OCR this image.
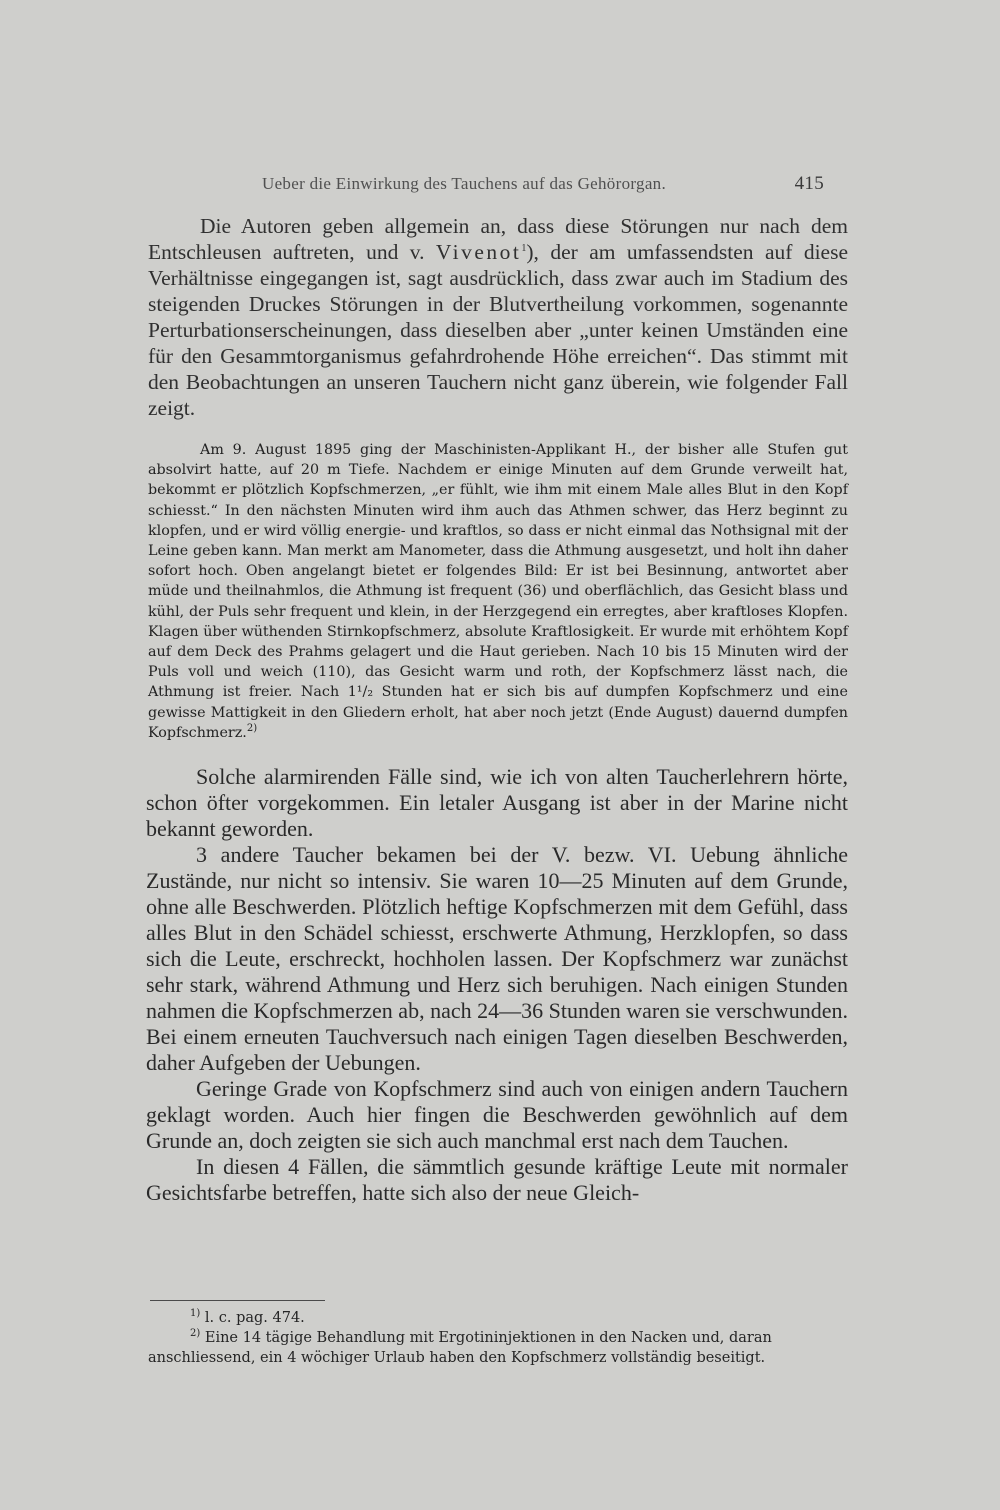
Ueber die Einwirkung des Tauchens auf das Gehörorgan.	415

Die Autoren geben allgemein an, dass diese Störungen nur nach dem Entschleusen auftreten, und v. Vivenot$^1$), der am umfassendsten auf diese Verhältnisse eingegangen ist, sagt ausdrücklich, dass zwar auch im Stadium des steigenden Druckes Störungen in der Blutvertheilung vorkommen, sogenannte Perturbationserscheinungen, dass dieselben aber „unter keinen Umständen eine für den Gesammtorganismus gefahrdrohende Höhe erreichen“. Das stimmt mit den Beobachtungen an unseren Tauchern nicht ganz überein, wie folgender Fall zeigt.

Am 9. August 1895 ging der Maschinisten-Applikant H., der bisher alle Stufen gut absolvirt hatte, auf 20 m Tiefe. Nachdem er einige Minuten auf dem Grunde verweilt hat, bekommt er plötzlich Kopfschmerzen, „er fühlt, wie ihm mit einem Male alles Blut in den Kopf schiesst.“ In den nächsten Minuten wird ihm auch das Athmen schwer, das Herz beginnt zu klopfen, und er wird völlig energie- und kraftlos, so dass er nicht einmal das Nothsignal mit der Leine geben kann. Man merkt am Manometer, dass die Athmung ausgesetzt, und holt ihn daher sofort hoch. Oben angelangt bietet er folgendes Bild: Er ist bei Besinnung, antwortet aber müde und theilnahmlos, die Athmung ist frequent (36) und oberflächlich, das Gesicht blass und kühl, der Puls sehr frequent und klein, in der Herzgegend ein erregtes, aber kraftloses Klopfen. Klagen über wüthenden Stirnkopfschmerz, absolute Kraftlosigkeit. Er wurde mit erhöhtem Kopf auf dem Deck des Prahms gelagert und die Haut gerieben. Nach 10 bis 15 Minuten wird der Puls voll und weich (110), das Gesicht warm und roth, der Kopfschmerz lässt nach, die Athmung ist freier. Nach 1¹/₂ Stunden hat er sich bis auf dumpfen Kopfschmerz und eine gewisse Mattigkeit in den Gliedern erholt, hat aber noch jetzt (Ende August) dauernd dumpfen Kopfschmerz.$^{2)}$

Solche alarmirenden Fälle sind, wie ich von alten Taucherlehrern hörte, schon öfter vorgekommen. Ein letaler Ausgang ist aber in der Marine nicht bekannt geworden.

3 andere Taucher bekamen bei der V. bezw. VI. Uebung ähnliche Zustände, nur nicht so intensiv. Sie waren 10—25 Minuten auf dem Grunde, ohne alle Beschwerden. Plötzlich heftige Kopfschmerzen mit dem Gefühl, dass alles Blut in den Schädel schiesst, erschwerte Athmung, Herzklopfen, so dass sich die Leute, erschreckt, hochholen lassen. Der Kopfschmerz war zunächst sehr stark, während Athmung und Herz sich beruhigen. Nach einigen Stunden nahmen die Kopfschmerzen ab, nach 24—36 Stunden waren sie verschwunden. Bei einem erneuten Tauchversuch nach einigen Tagen dieselben Beschwerden, daher Aufgeben der Uebungen.

Geringe Grade von Kopfschmerz sind auch von einigen andern Tauchern geklagt worden. Auch hier fingen die Beschwerden gewöhnlich auf dem Grunde an, doch zeigten sie sich auch manchmal erst nach dem Tauchen.

In diesen 4 Fällen, die sämmtlich gesunde kräftige Leute mit normaler Gesichtsfarbe betreffen, hatte sich also der neue Gleich-

$^{1)}$ l. c. pag. 474.

$^{2)}$ Eine 14 tägige Behandlung mit Ergotininjektionen in den Nacken und, daran anschliessend, ein 4 wöchiger Urlaub haben den Kopfschmerz vollständig beseitigt.
